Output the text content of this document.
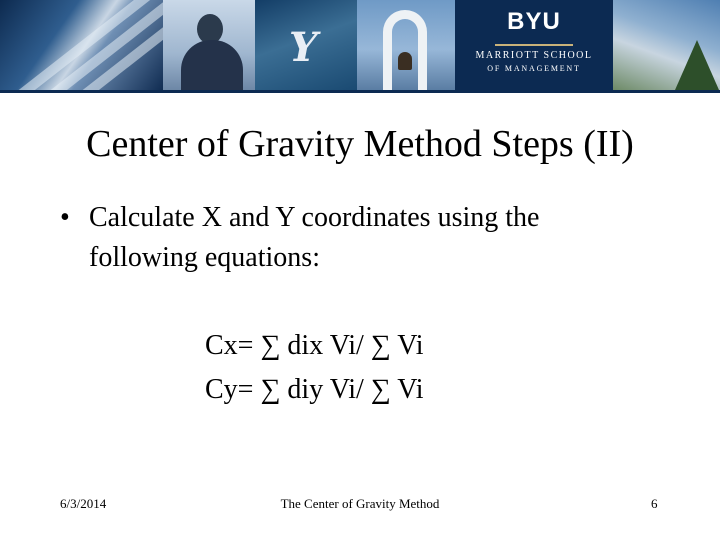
Y
BYU
MARRIOTT SCHOOL
OF MANAGEMENT
Center of Gravity Method Steps (II)
• Calculate X and Y coordinates using the following equations:
Cx= ∑ dix Vi/ ∑ Vi
Cy= ∑ diy Vi/ ∑ Vi
6/3/2014	The Center of Gravity Method	6
